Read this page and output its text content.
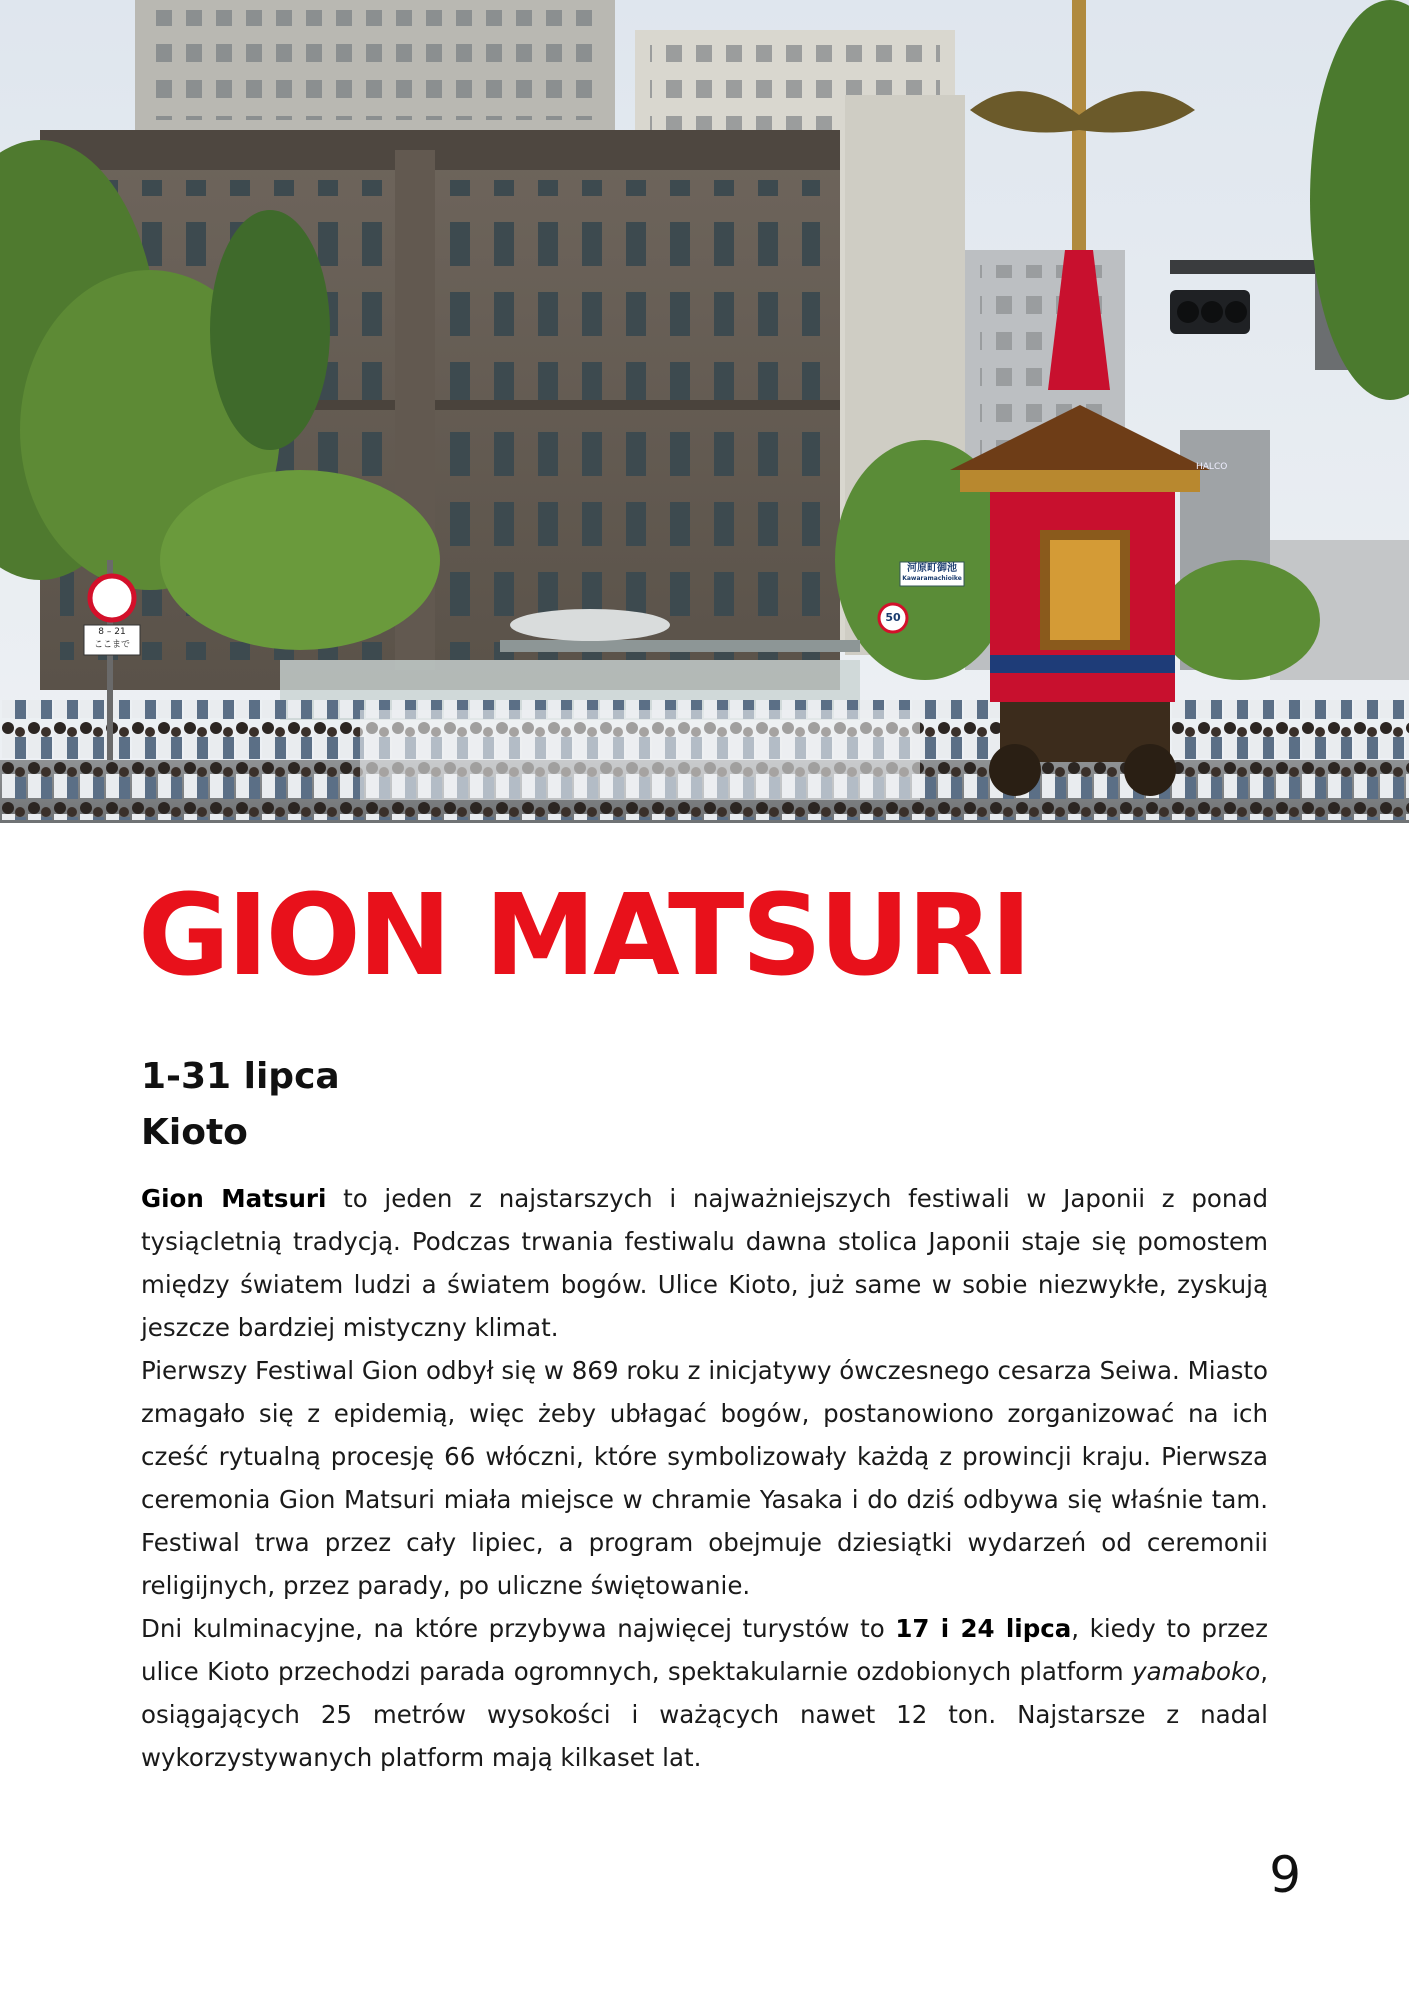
河原町御池
Kawaramachioike
50
8 – 21
ここまで
HALCO
GION MATSURI
1-31 lipca
Kioto

Gion Matsuri to jeden z najstarszych i najważniejszych festiwali w Japonii z ponad tysiącletnią tradycją. Podczas trwania festiwalu dawna stolica Japonii staje się pomostem między światem ludzi a światem bogów. Ulice Kioto, już same w sobie niezwykłe, zyskują jeszcze bardziej mistyczny klimat.

Pierwszy Festiwal Gion odbył się w 869 roku z inicjatywy ówczesnego cesarza Seiwa. Miasto zmagało się z epidemią, więc żeby ubłagać bogów, postanowiono zorganizować na ich cześć rytualną procesję 66 włóczni, które symbolizowały każdą z prowincji kraju. Pierwsza ceremonia Gion Matsuri miała miejsce w chramie Yasaka i do dziś odbywa się właśnie tam. Festiwal trwa przez cały lipiec, a program obejmuje dziesiątki wydarzeń od ceremonii religijnych, przez parady, po uliczne świętowanie.

Dni kulminacyjne, na które przybywa najwięcej turystów to 17 i 24 lipca, kiedy to przez ulice Kioto przechodzi parada ogromnych, spektakularnie ozdobionych platform yamaboko, osiągających 25 metrów wysokości i ważących nawet 12 ton. Najstarsze z nadal wykorzystywanych platform mają kilkaset lat.

9
